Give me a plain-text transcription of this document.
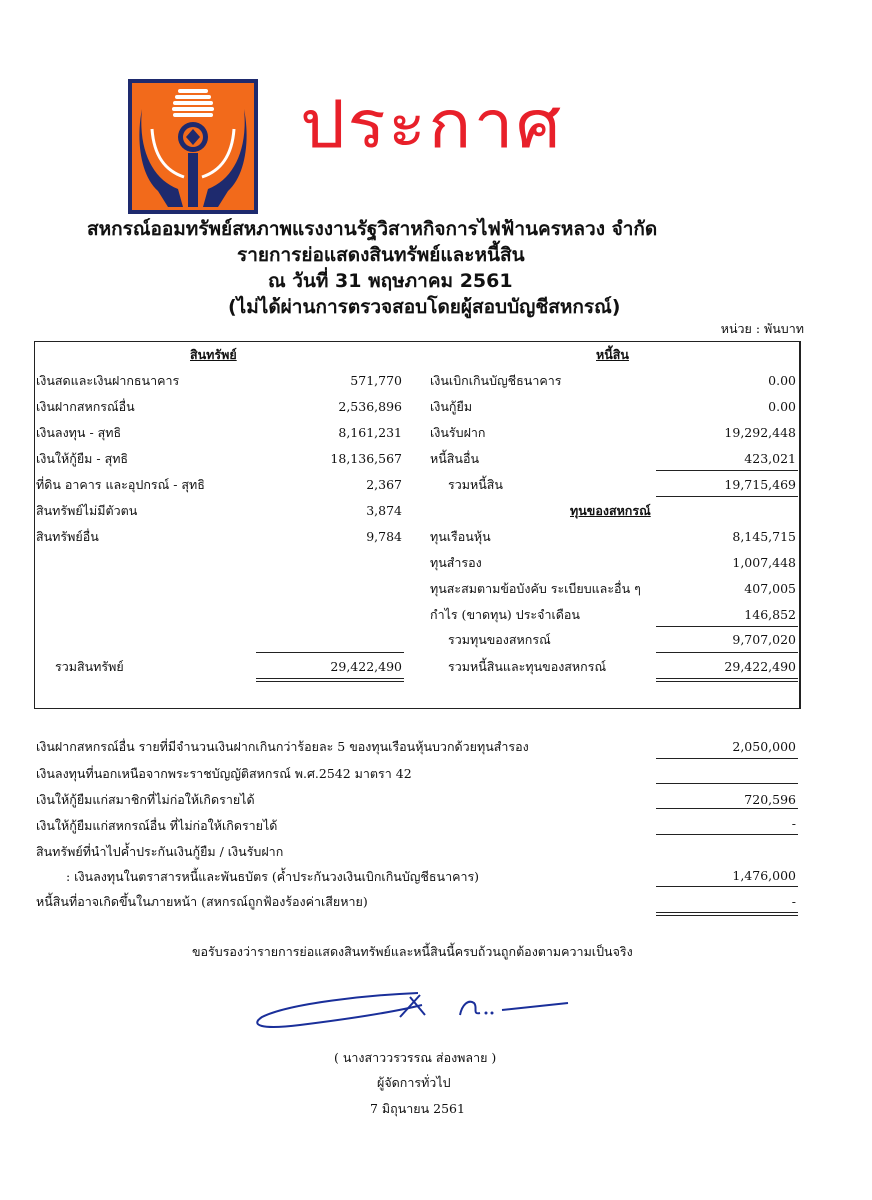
ประกาศ
สหกรณ์ออมทรัพย์สหภาพแรงงานรัฐวิสาหกิจการไฟฟ้านครหลวง จำกัด
รายการย่อแสดงสินทรัพย์และหนี้สิน
ณ วันที่ 31 พฤษภาคม 2561
(ไม่ได้ผ่านการตรวจสอบโดยผู้สอบบัญชีสหกรณ์)
หน่วย : พันบาท
สินทรัพย์
เงินสดและเงินฝากธนาคาร	571,770
เงินฝากสหกรณ์อื่น	2,536,896
เงินลงทุน - สุทธิ	8,161,231
เงินให้กู้ยืม - สุทธิ	18,136,567
ที่ดิน อาคาร และอุปกรณ์ - สุทธิ	2,367
สินทรัพย์ไม่มีตัวตน	3,874
สินทรัพย์อื่น	9,784
รวมสินทรัพย์	29,422,490
หนี้สิน
เงินเบิกเกินบัญชีธนาคาร	0.00
เงินกู้ยืม	0.00
เงินรับฝาก	19,292,448
หนี้สินอื่น	423,021
รวมหนี้สิน	19,715,469
ทุนของสหกรณ์
ทุนเรือนหุ้น	8,145,715
ทุนสำรอง	1,007,448
ทุนสะสมตามข้อบังคับ ระเบียบและอื่น ๆ	407,005
กำไร (ขาดทุน) ประจำเดือน	146,852
รวมทุนของสหกรณ์	9,707,020
รวมหนี้สินและทุนของสหกรณ์	29,422,490
เงินฝากสหกรณ์อื่น รายที่มีจำนวนเงินฝากเกินกว่าร้อยละ 5 ของทุนเรือนหุ้นบวกด้วยทุนสำรอง	2,050,000
เงินลงทุนที่นอกเหนือจากพระราชบัญญัติสหกรณ์ พ.ศ.2542 มาตรา 42
เงินให้กู้ยืมแก่สมาชิกที่ไม่ก่อให้เกิดรายได้	720,596
เงินให้กู้ยืมแก่สหกรณ์อื่น ที่ไม่ก่อให้เกิดรายได้	-
สินทรัพย์ที่นำไปค้ำประกันเงินกู้ยืม / เงินรับฝาก
: เงินลงทุนในตราสารหนี้และพันธบัตร (ค้ำประกันวงเงินเบิกเกินบัญชีธนาคาร)	1,476,000
หนี้สินที่อาจเกิดขึ้นในภายหน้า (สหกรณ์ถูกฟ้องร้องค่าเสียหาย)	-
ขอรับรองว่ารายการย่อแสดงสินทรัพย์และหนี้สินนี้ครบถ้วนถูกต้องตามความเป็นจริง
( นางสาววรวรรณ ส่องพลาย )
ผู้จัดการทั่วไป
7 มิถุนายน 2561
